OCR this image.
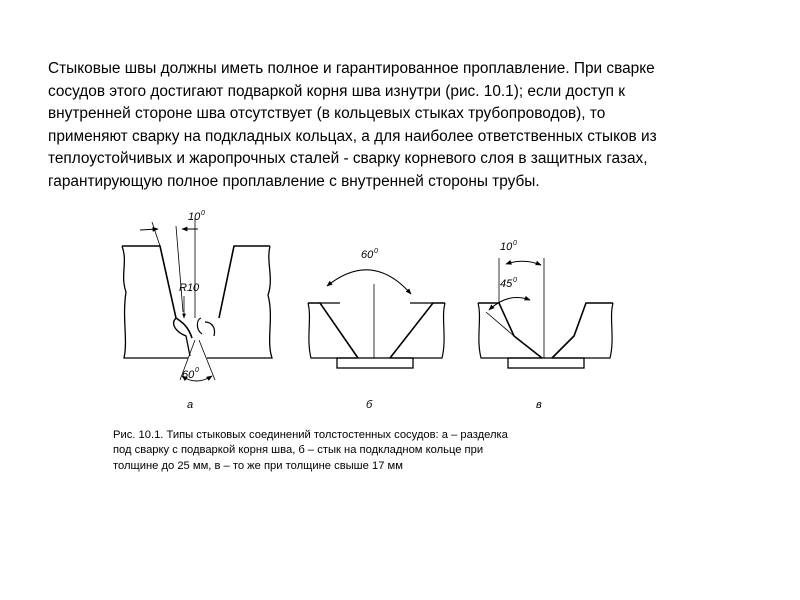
Стыковые швы должны иметь полное и гарантированное проплавление. При сварке
сосудов этого достигают подваркой корня шва изнутри (рис. 10.1); если доступ к
внутренней стороне шва отсутствует (в кольцевых стыках трубопроводов), то
применяют сварку на подкладных кольцах, а для наиболее ответственных стыков из
теплоустойчивых и жаропрочных сталей - сварку корневого слоя в защитных газах,
гарантирующую полное проплавление с внутренней стороны трубы.

10 0
R10
60 0
а
60 0
б
10 0
45 0
в

Рис. 10.1. Типы стыковых соединений толстостенных сосудов: а – разделка
под сварку с подваркой корня шва, б – стык на подкладном кольце при
толщине до 25 мм, в – то же при толщине свыше 17 мм
